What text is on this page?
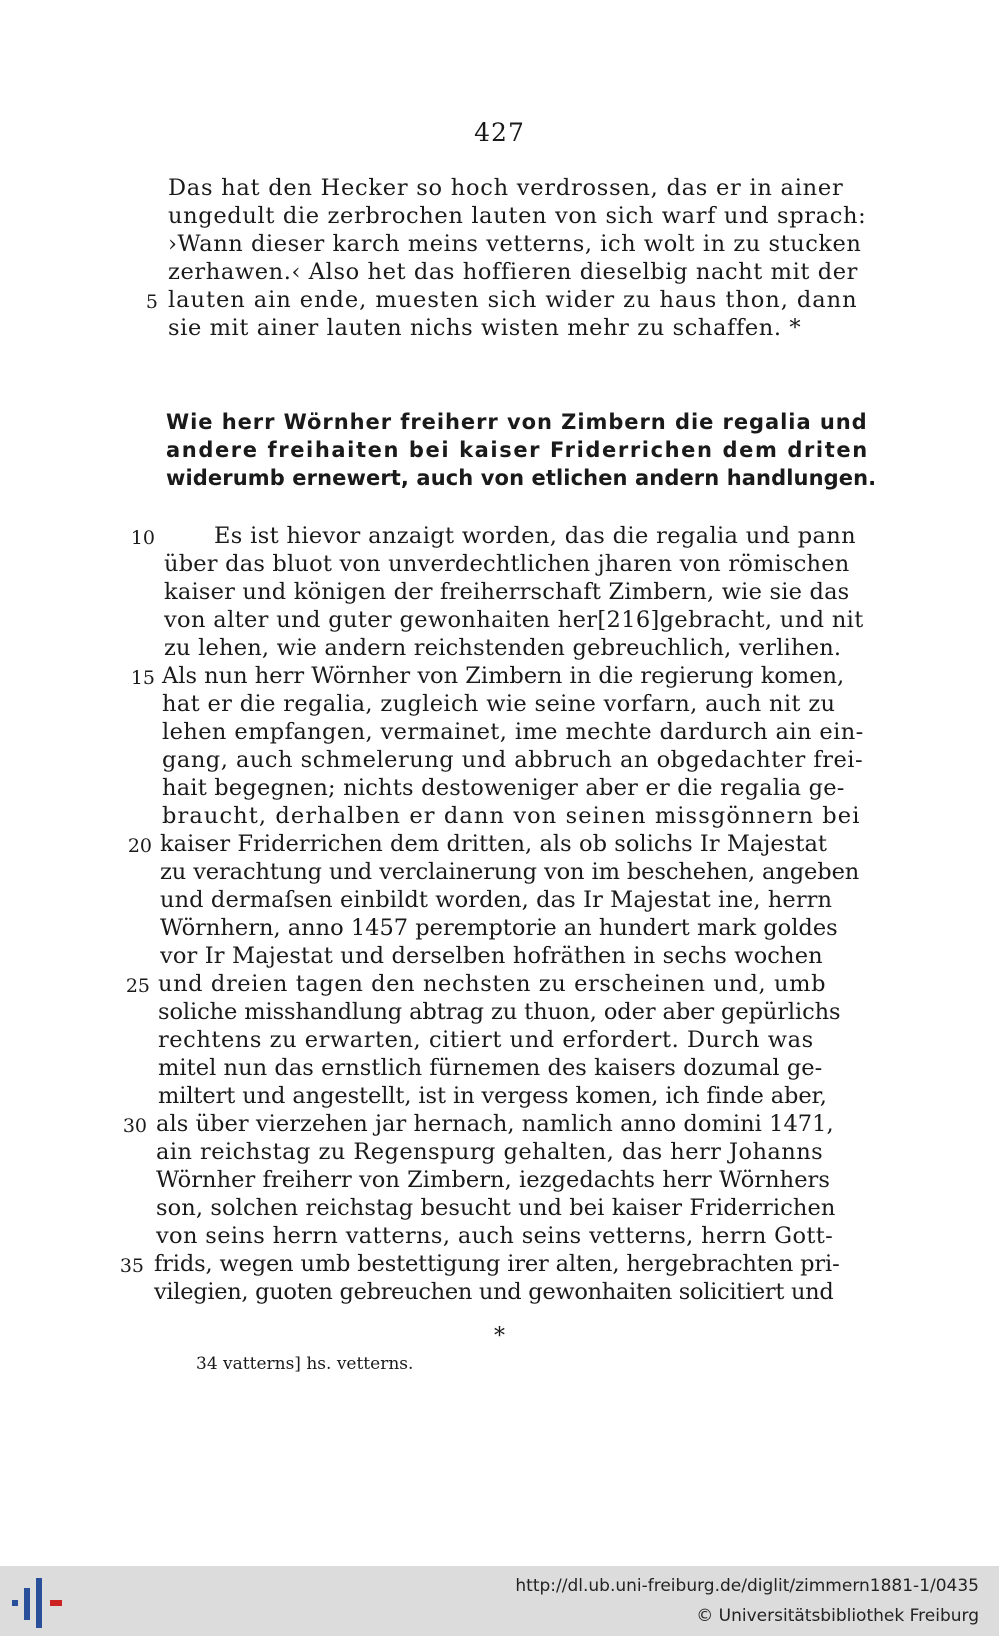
427
Das hat den Hecker so hoch verdrossen, das er in ainer
ungedult die zerbrochen lauten von sich warf und sprach:
›Wann dieser karch meins vetterns, ich wolt in zu stucken
zerhawen.‹ Also het das hoffieren dieselbig nacht mit der
5 lauten ain ende, muesten sich wider zu haus thon, dann
sie mit ainer lauten nichs wisten mehr zu schaffen. *
Wie herr Wörnher freiherr von Zimbern die regalia und
andere freihaiten bei kaiser Friderrichen dem driten
widerumb ernewert, auch von etlichen andern handlungen.
10	Es ist hievor anzaigt worden, das die regalia und pann
über das bluot von unverdechtlichen jharen von römischen
kaiser und königen der freiherrschaft Zimbern, wie sie das
von alter und guter gewonhaiten her[216]gebracht, und nit
zu lehen, wie andern reichstenden gebreuchlich, verlihen.
15 Als nun herr Wörnher von Zimbern in die regierung komen,
hat er die regalia, zugleich wie seine vorfarn, auch nit zu
lehen empfangen, vermainet, ime mechte dardurch ain ein-
gang, auch schmelerung und abbruch an obgedachter frei-
hait begegnen; nichts destoweniger aber er die regalia ge-
braucht, derhalben er dann von seinen missgönnern bei
20 kaiser Friderrichen dem dritten, als ob solichs Ir Majestat
zu verachtung und verclainerung von im beschehen, angeben
und dermaſsen einbildt worden, das Ir Majestat ine, herrn
Wörnhern, anno 1457 peremptorie an hundert mark goldes
vor Ir Majestat und derselben hofräthen in sechs wochen
25 und dreien tagen den nechsten zu erscheinen und, umb
soliche misshandlung abtrag zu thuon, oder aber gepürlichs
rechtens zu erwarten, citiert und erfordert. Durch was
mitel nun das ernstlich fürnemen des kaisers dozumal ge-
miltert und angestellt, ist in vergess komen, ich finde aber,
30 als über vierzehen jar hernach, namlich anno domini 1471,
ain reichstag zu Regenspurg gehalten, das herr Johanns
Wörnher freiherr von Zimbern, iezgedachts herr Wörnhers
son, solchen reichstag besucht und bei kaiser Friderrichen
von seins herrn vatterns, auch seins vetterns, herrn Gott-
35 frids, wegen umb bestettigung irer alten, hergebrachten pri-
vilegien, guoten gebreuchen und gewonhaiten solicitiert und
*
34 vatterns] hs. vetterns.
http://dl.ub.uni-freiburg.de/diglit/zimmern1881-1/0435
© Universitätsbibliothek Freiburg
